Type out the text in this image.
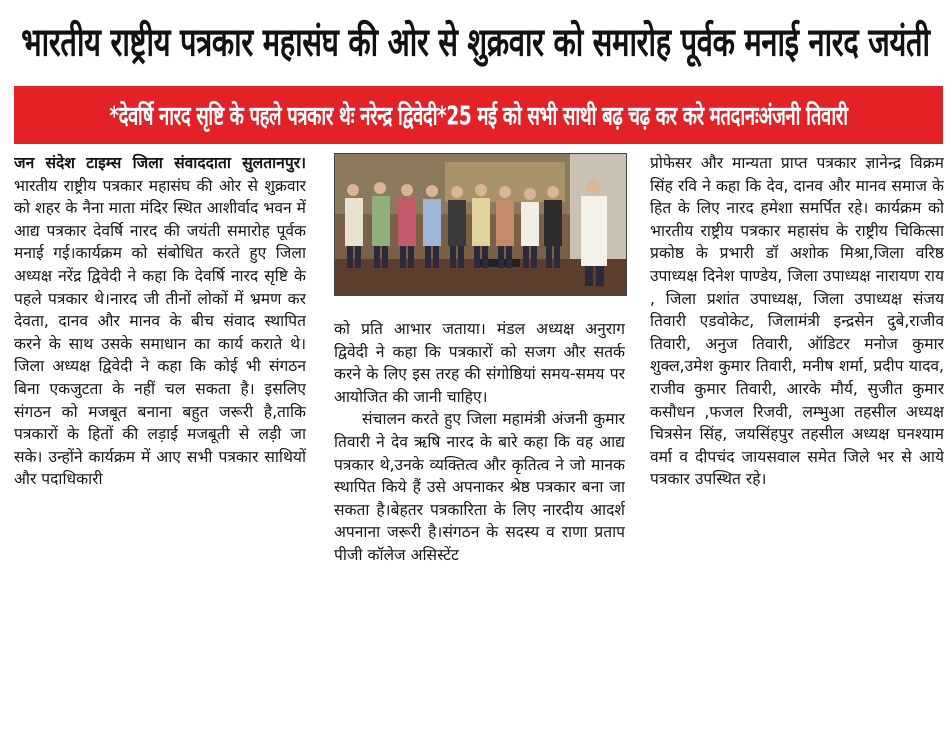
भारतीय राष्ट्रीय पत्रकार महासंघ की ओर से शुक्रवार को समारोह पूर्वक मनाई नारद जयंती
*देवर्षि नारद सृष्टि के पहले पत्रकार थेः नरेन्द्र द्विवेदी*25 मई को सभी साथी बढ़ चढ़ कर करे मतदानःअंजनी तिवारी

जन संदेश टाइम्स जिला संवाददाता सुलतानपुर। भारतीय राष्ट्रीय पत्रकार महासंघ की ओर से शुक्रवार को शहर के नैना माता मंदिर स्थित आशीर्वाद भवन में आद्य पत्रकार देवर्षि नारद की जयंती समारोह पूर्वक मनाई गई।कार्यक्रम को संबोधित करते हुए जिला अध्यक्ष नरेंद्र द्विवेदी ने कहा कि देवर्षि नारद सृष्टि के पहले पत्रकार थे।नारद जी तीनों लोकों में भ्रमण कर देवता, दानव और मानव के बीच संवाद स्थापित करने के साथ उसके समाधान का कार्य कराते थे। जिला अध्यक्ष द्विवेदी ने कहा कि कोई भी संगठन बिना एकजुटता के नहीं चल सकता है। इसलिए संगठन को मजबूत बनाना बहुत जरूरी है,ताकि पत्रकारों के हितों की लड़ाई मजबूती से लड़ी जा सके। उन्होंने कार्यक्रम में आए सभी पत्रकार साथियों और पदाधिकारी

को प्रति आभार जताया। मंडल अध्यक्ष अनुराग द्विवेदी ने कहा कि पत्रकारों को सजग और सतर्क करने के लिए इस तरह की संगोष्ठियां समय-समय पर आयोजित की जानी चाहिए।

संचालन करते हुए जिला महामंत्री अंजनी कुमार तिवारी ने देव ऋषि नारद के बारे कहा कि वह आद्य पत्रकार थे,उनके व्यक्तित्व और कृतित्व ने जो मानक स्थापित किये हैं उसे अपनाकर श्रेष्ठ पत्रकार बना जा सकता है।बेहतर पत्रकारिता के लिए नारदीय आदर्श अपनाना जरूरी है।संगठन के सदस्य व राणा प्रताप पीजी कॉलेज असिस्टेंट

प्रोफेसर और मान्यता प्राप्त पत्रकार ज्ञानेन्द्र विक्रम सिंह रवि ने कहा कि देव, दानव और मानव समाज के हित के लिए नारद हमेशा समर्पित रहे। कार्यक्रम को भारतीय राष्ट्रीय पत्रकार महासंघ के राष्ट्रीय चिकित्सा प्रकोष्ठ के प्रभारी डॉ अशोक मिश्रा,जिला वरिष्ठ उपाध्यक्ष दिनेश पाण्डेय, जिला उपाध्यक्ष नारायण राय , जिला प्रशांत उपाध्यक्ष, जिला उपाध्यक्ष संजय तिवारी एडवोकेट, जिलामंत्री इन्द्रसेन दुबे,राजीव तिवारी, अनुज तिवारी, ऑडिटर मनोज कुमार शुक्ल,उमेश कुमार तिवारी, मनीष शर्मा, प्रदीप यादव, राजीव कुमार तिवारी, आरके मौर्य, सुजीत कुमार कसौधन ,फजल रिजवी, लम्भुआ तहसील अध्यक्ष चित्रसेन सिंह, जयसिंहपुर तहसील अध्यक्ष घनश्याम वर्मा व दीपचंद जायसवाल समेत जिले भर से आये पत्रकार उपस्थित रहे।
